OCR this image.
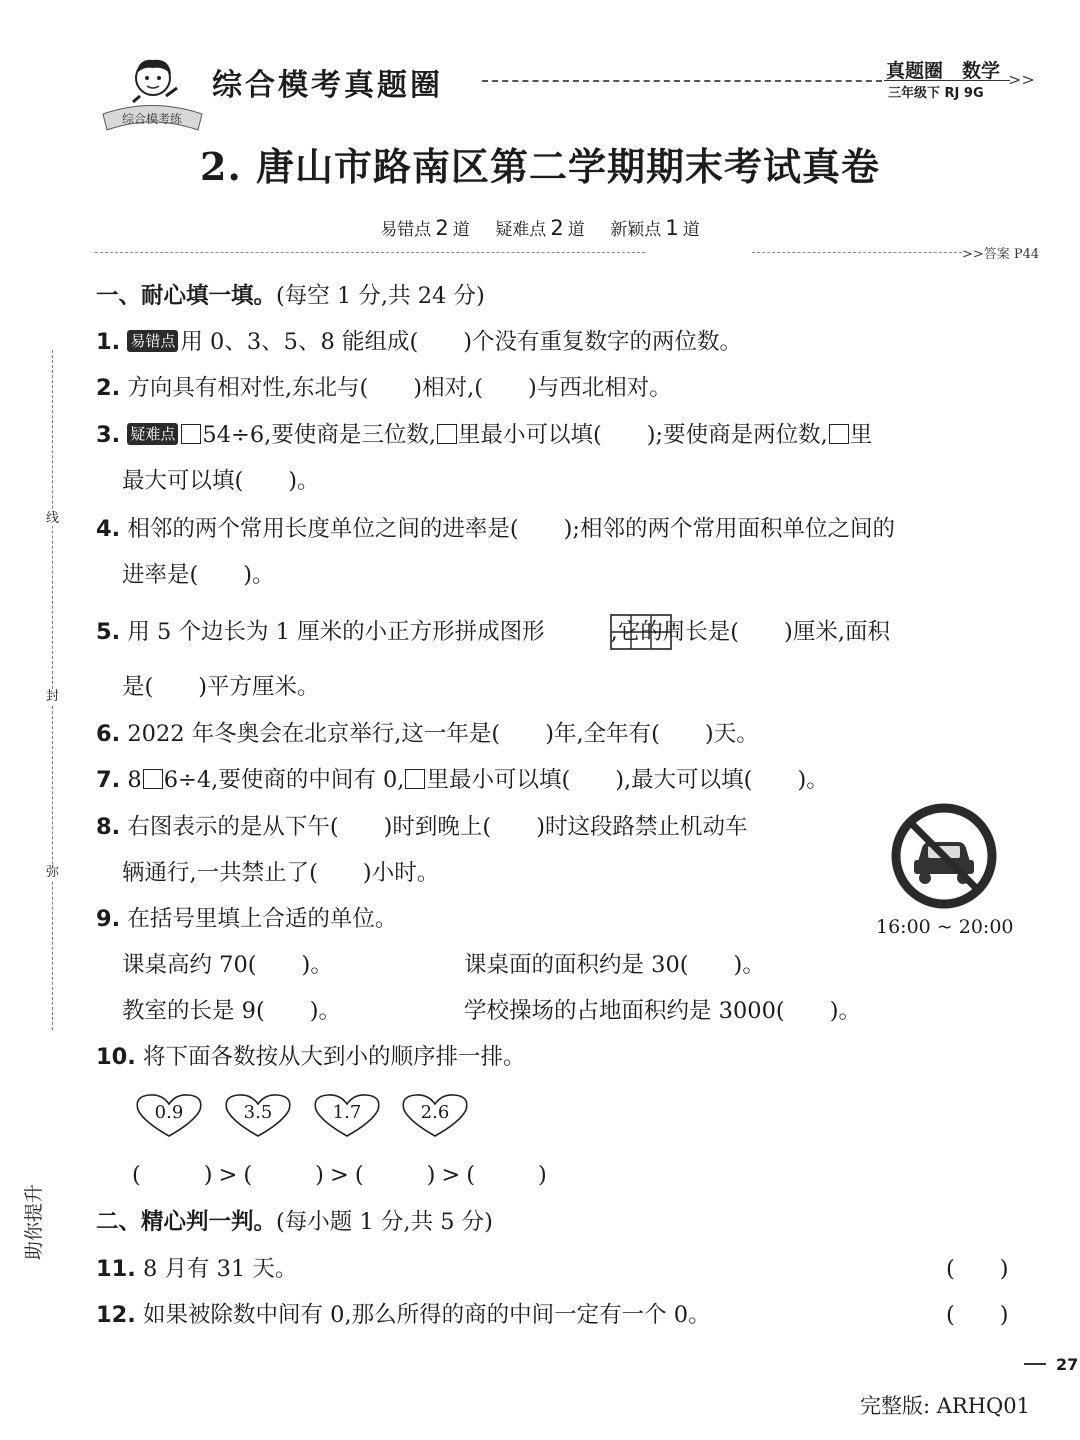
综合模考练
综合模考真题圈	>>
真题圈　数学
三年级下 RJ 9G
2. 唐山市路南区第二学期期末考试真卷
易错点 2 道 疑难点 2 道 新颖点 1 道
>>答案 P44
线
封
弥
助你提升
一、耐心填一填。(每空 1 分,共 24 分)
1. 易错点 用 0、3、5、8 能组成(　　)个没有重复数字的两位数。
2. 方向具有相对性,东北与(　　)相对,(　　)与西北相对。
3. 疑难点 54÷6,要使商是三位数, 里最小可以填(　　);要使商是两位数, 里
最大可以填(　　)。
4. 相邻的两个常用长度单位之间的进率是(　　);相邻的两个常用面积单位之间的
进率是(　　)。
5. 用 5 个边长为 1 厘米的小正方形拼成图形	,它的周长是(　　)厘米,面积
是(　　)平方厘米。
6. 2022 年冬奥会在北京举行,这一年是(　　)年,全年有(　　)天。
7. 8 6÷4,要使商的中间有 0, 里最小可以填(　　),最大可以填(　　)。
8. 右图表示的是从下午(　　)时到晚上(　　)时这段路禁止机动车
辆通行,一共禁止了(　　)小时。
16:00 ~ 20:00
9. 在括号里填上合适的单位。
课桌高约 70(　　)。	课桌面的面积约是 30(　　)。
教室的长是 9(　　)。	学校操场的占地面积约是 3000(　　)。
10. 将下面各数按从大到小的顺序排一排。
0.9	3.5	1.7	2.6
(　　)>(　　)>(　　)>(　　)
二、精心判一判。(每小题 1 分,共 5 分)
11. 8 月有 31 天。	(　　)
12. 如果被除数中间有 0,那么所得的商的中间一定有一个 0。	(　　)
27
完整版: ARHQ01
